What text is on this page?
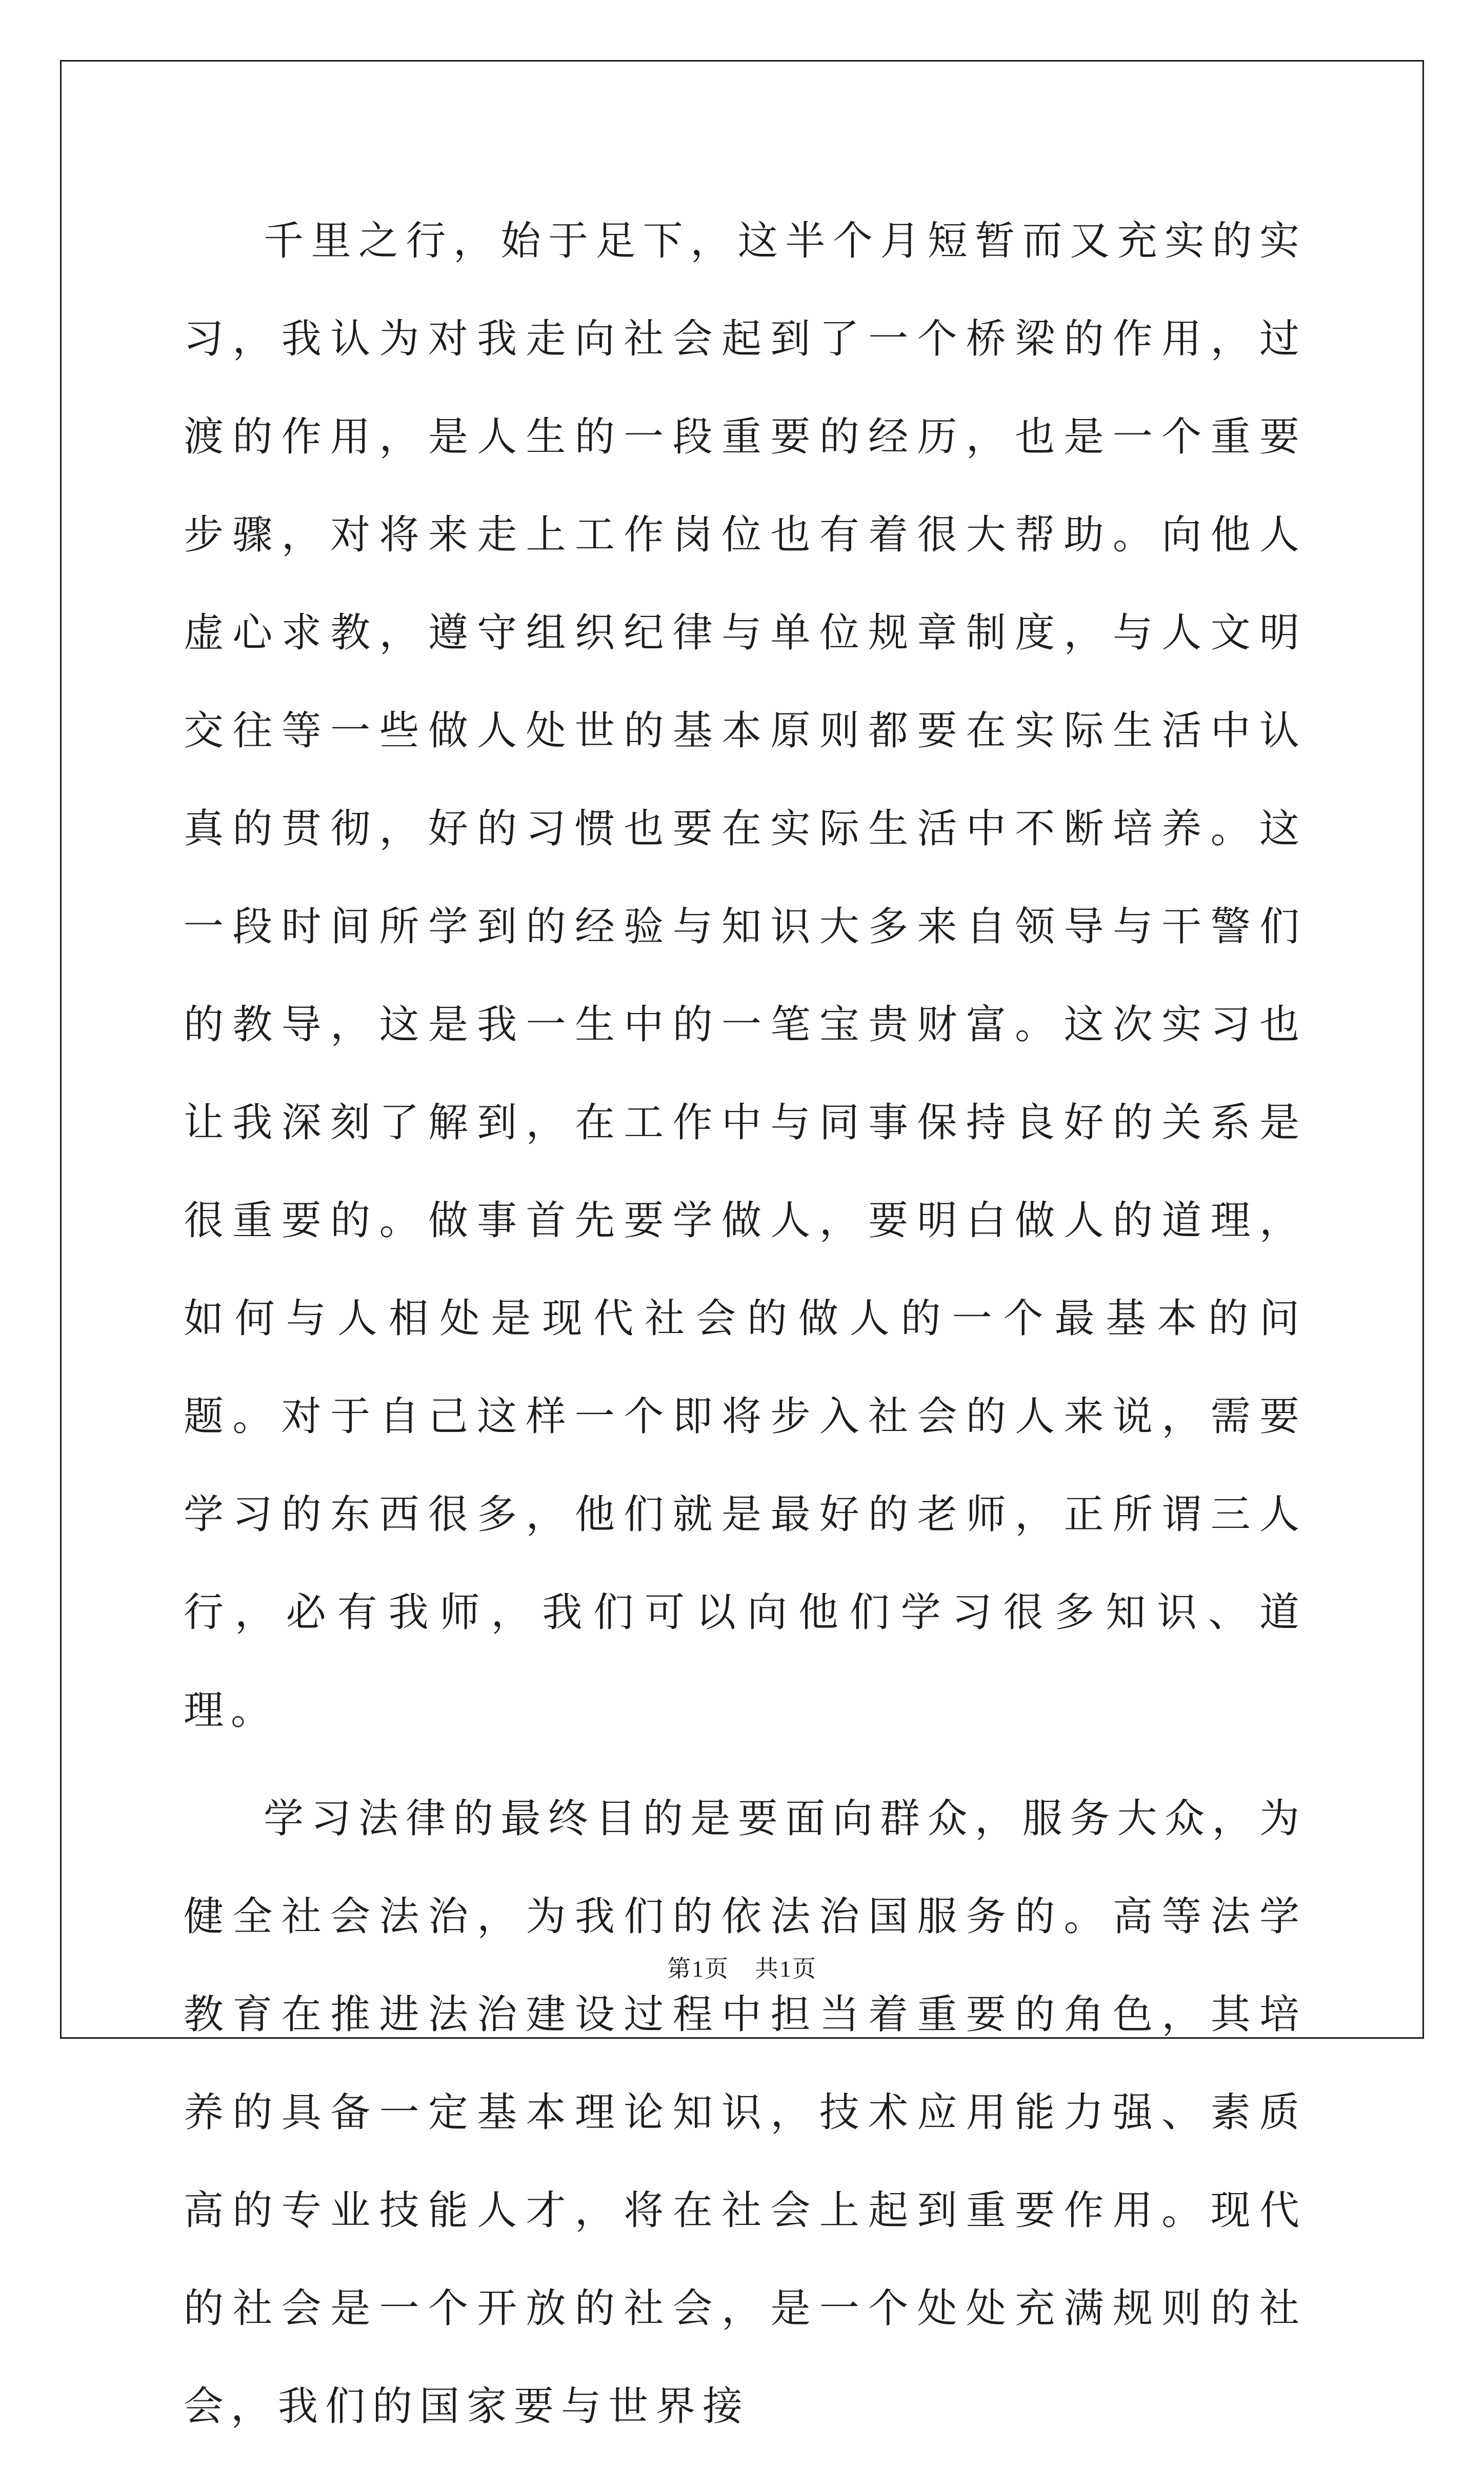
千里之行，始于足下，这半个月短暂而又充实的实习，我认为对我走向社会起到了一个桥梁的作用，过渡的作用，是人生的一段重要的经历，也是一个重要步骤，对将来走上工作岗位也有着很大帮助。向他人虚心求教，遵守组织纪律与单位规章制度，与人文明交往等一些做人处世的基本原则都要在实际生活中认真的贯彻，好的习惯也要在实际生活中不断培养。这一段时间所学到的经验与知识大多来自领导与干警们的教导，这是我一生中的一笔宝贵财富。这次实习也让我深刻了解到，在工作中与同事保持良好的关系是很重要的。做事首先要学做人，要明白做人的道理，如何与人相处是现代社会的做人的一个最基本的问题。对于自己这样一个即将步入社会的人来说，需要学习的东西很多，他们就是最好的老师，正所谓三人行，必有我师，我们可以向他们学习很多知识、道理。

学习法律的最终目的是要面向群众，服务大众，为健全社会法治，为我们的依法治国服务的。高等法学教育在推进法治建设过程中担当着重要的角色，其培养的具备一定基本理论知识，技术应用能力强、素质高的专业技能人才，将在社会上起到重要作用。现代的社会是一个开放的社会，是一个处处充满规则的社会，我们的国家要与世界接

第1页 共1页
